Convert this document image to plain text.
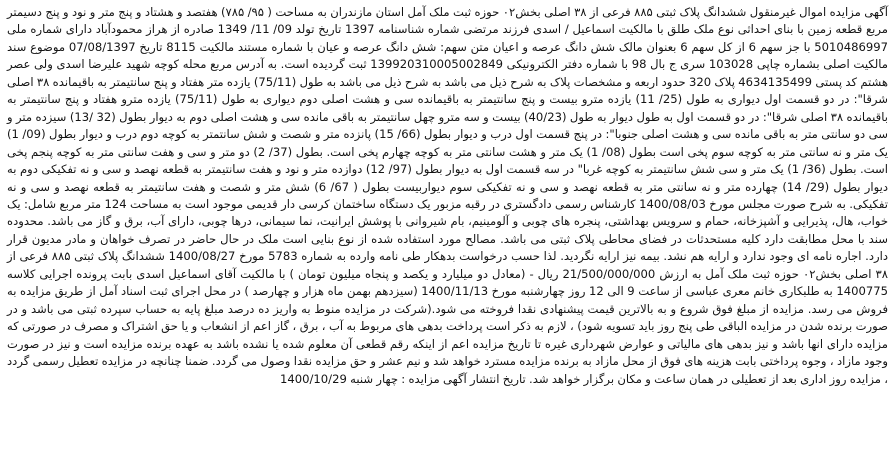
آگهی مزایده اموال غیرمنقول ششدانگ پلاک ثبتی ۸۸۵ فرعی از ۳۸ اصلی بخش۰۲ حوزه ثبت ملک آمل استان مازندران به مساحت ( ۹۵/ ۷۸۵) هفتصد و هشتاد و پنج متر و نود و پنج دسیمتر مربع قطعه زمین با بنای احداثی نوع ملک طلق با مالکیت اسماعیل / اسدی فرزند مرتضی شماره شناسنامه 1397 تاریخ تولد 09/ 11/ 1349 صادره از هراز محمودآباد دارای شماره ملی 5010486997 با جز سهم 6 از کل سهم 6 بعنوان مالک شش دانگ عرصه و اعیان متن سهم: شش دانگ عرصه و عیان با شماره مستند مالکیت 8115 تاریخ 07/08/1397 موضوع سند مالکیت اصلی بشماره چاپی 103028 سری ج بال 98 با شماره دفتر الکترونیکی 139920310005002849 ثبت گردیده است. به آدرس مربع محله کوچه شهید علیرضا اسدی ولی عصر هشتم کد پستی 4634135499 پلاک 320 حدود اربعه و مشخصات پلاک به شرح ذیل می باشد به شرح ذیل می باشد به طول (75/11) یازده متر هفتاد و پنج سانتیمتر به باقیمانده ۳۸ اصلی شرقا": در دو قسمت اول دیواری به طول (25/ 11) یازده مترو بیست و پنج سانتیمتر به باقیمانده سی و هشت اصلی دوم دیواری به طول (75/11) یازده مترو هفتاد و پنج سانتیمتر به باقیمانده ۳۸ اصلی شرقا": در دو قسمت اول به طول دیوار به طول (40/23) بیست و سه مترو چهل سانتیمتر به باقی مانده سی و هشت اصلی دوم به دیوار بطول (32 /13) سیزده متر و سی دو سانتی متر به باقی مانده سی و هشت اصلی جنوبا": در پنج قسمت اول درب و دیوار بطول (66/ 15) پانزده متر و شصت و شش سانتمتر به کوچه دوم درب و دیوار بطول (09/ 1) یک متر و نه سانتی متر به کوچه سوم پخی است بطول (08/ 1) یک متر و هشت سانتی متر به کوچه چهارم پخی است. بطول (37/ 2) دو متر و سی و هفت سانتی متر به کوچه پنجم پخی است. بطول (36/ 1) یک متر و سی شش سانتیمتر به کوچه غربا" در سه قسمت اول به دیوار بطول (97/ 12) دوازده متر و نود و هفت سانتیمتر به قطعه نهصد و سی و نه تفکیکی دوم به دیوار بطول (29/ 14) چهارده متر و نه سانتی متر به قطعه نهصد و سی و نه تفکیکی سوم دیواربیست بطول ( 67/ 6) شش متر و شصت و هفت سانتیمتر به قطعه نهصد و سی و نه تفکیکی. به شرح صورت مجلس مورخ 1400/08/03 کارشناس رسمی دادگستری در رقبه مزبور یک دستگاه ساختمان کرسی دار قدیمی موجود است به مساحت 124 متر مربع شامل: یک خواب، هال، پذیرایی و آشپزخانه، حمام و سرویس بهداشتی، پنجره های چوبی و آلومینیم، بام شیروانی با پوشش ایرانیت، نما سیمانی، درها چوبی، دارای آب، برق و گاز می باشد. محدوده سند با محل مطابقت دارد کلیه مستحدثات در فضای محاطی پلاک ثبتی می باشد. مصالح مورد استفاده شده از نوع بنایی است ملک در حال حاضر در تصرف خواهان و مادر مدیون قرار دارد. اجاره نامه ای وجود ندارد و ارایه هم نشد. بیمه نیز ارایه نگردید. لذا حسب درخواست بدهکار طی نامه وارده به شماره 5783 مورخ 1400/08/27 ششدانگ پلاک ثبتی ۸۸۵ فرعی از ۳۸ اصلی بخش۰۲ حوزه ثبت ملک آمل به ارزش 21/500/000/000 ریال - (معادل دو میلیارد و یکصد و پنجاه میلیون تومان ) با مالکیت آقای اسماعیل اسدی بابت پرونده اجرایی کلاسه 1400775 به طلبکاری خانم معری عباسی از ساعت 9 الی 12 روز چهارشنبه مورخ 1400/11/13 (سیزدهم بهمن ماه هزار و چهارصد ) در محل اجرای ثبت اسناد آمل از طریق مزایده به فروش می رسد. مزایده از مبلغ فوق شروع و به بالاترین قیمت پیشنهادی نقدا فروخته می شود.(شرکت در مزایده منوط به واریز ده درصد مبلغ پایه به حساب سپرده ثبتی می باشد و در صورت برنده شدن در مزایده الباقی طی پنج روز باید تسویه شود) ، لازم به ذکر است پرداخت بدهی های مربوط به آب ، برق ، گاز اعم از انشعاب و یا حق اشتراک و مصرف در صورتی که مزایده دارای انها باشد و نیز بدهی های مالیاتی و عوارض شهرداری غیره تا تاریخ مزایده اعم از اینکه رقم قطعی آن معلوم شده یا نشده باشد به عهده برنده مزایده است و نیز در صورت وجود مازاد ، وجوه پرداختی بابت هزینه های فوق از محل مازاد به برنده مزایده مسترد خواهد شد و نیم عشر و حق مزایده نقدا وصول می گردد. ضمنا چنانچه در مزایده تعطیل رسمی گردد ، مزایده روز اداری بعد از تعطیلی در همان ساعت و مکان برگزار خواهد شد. تاریخ انتشار آگهی مزایده : چهار شنبه 1400/10/29
